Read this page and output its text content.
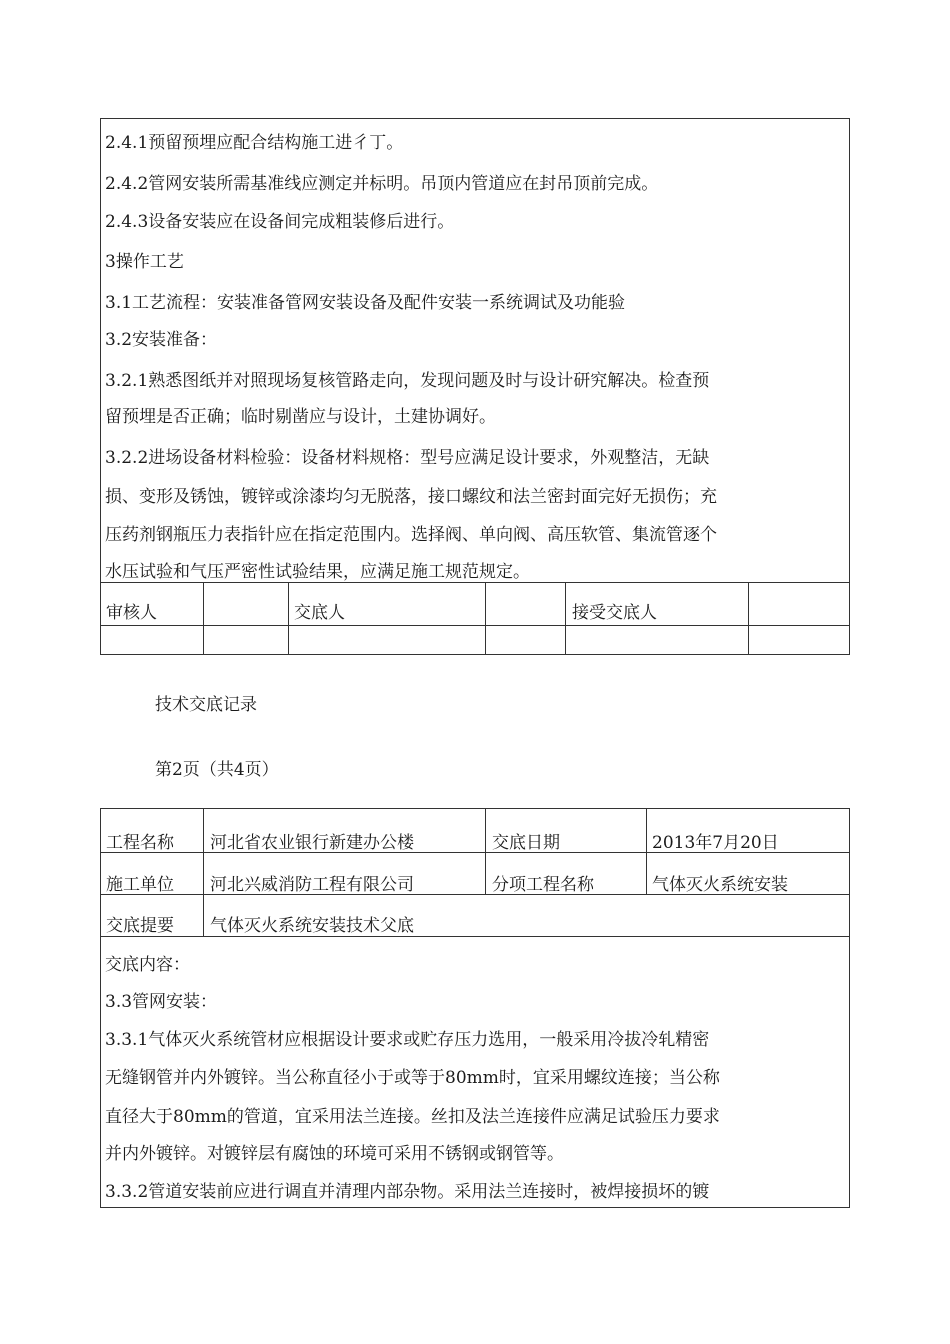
2.4.1预留预埋应配合结构施工进彳丁。
2.4.2管网安装所需基准线应测定并标明。吊顶内管道应在封吊顶前完成。
2.4.3设备安装应在设备间完成粗装修后进行。
3操作工艺
3.1工艺流程：安装准备管网安装设备及配件安装一系统调试及功能验
3.2安装准备：
3.2.1熟悉图纸并对照现场复核管路走向，发现问题及时与设计研究解决。检查预
留预埋是否正确；临时剔凿应与设计，土建协调好。
3.2.2进场设备材料检验：设备材料规格：型号应满足设计要求，外观整洁，无缺
损、变形及锈蚀，镀锌或涂漆均匀无脱落，接口螺纹和法兰密封面完好无损伤；充
压药剂钢瓶压力表指针应在指定范围内。选择阀、单向阀、高压软管、集流管逐个
水压试验和气压严密性试验结果，应满足施工规范规定。
审核人	交底人	接受交底人
技术交底记录
第2页（共4页）
工程名称 河北省农业银行新建办公楼	交底日期	2013年7月20日
施工单位 河北兴威消防工程有限公司	分项工程名称	气体灭火系统安装
交底提要 气体灭火系统安装技术父底
交底内容：
3.3管网安装：
3.3.1气体灭火系统管材应根据设计要求或贮存压力选用，一般采用冷拔冷轧精密
无缝钢管并内外镀锌。当公称直径小于或等于80mm时，宜采用螺纹连接；当公称
直径大于80mm的管道，宜采用法兰连接。丝扣及法兰连接件应满足试验压力要求
并内外镀锌。对镀锌层有腐蚀的环境可采用不锈钢或钢管等。
3.3.2管道安装前应进行调直并清理内部杂物。采用法兰连接时，被焊接损坏的镀
